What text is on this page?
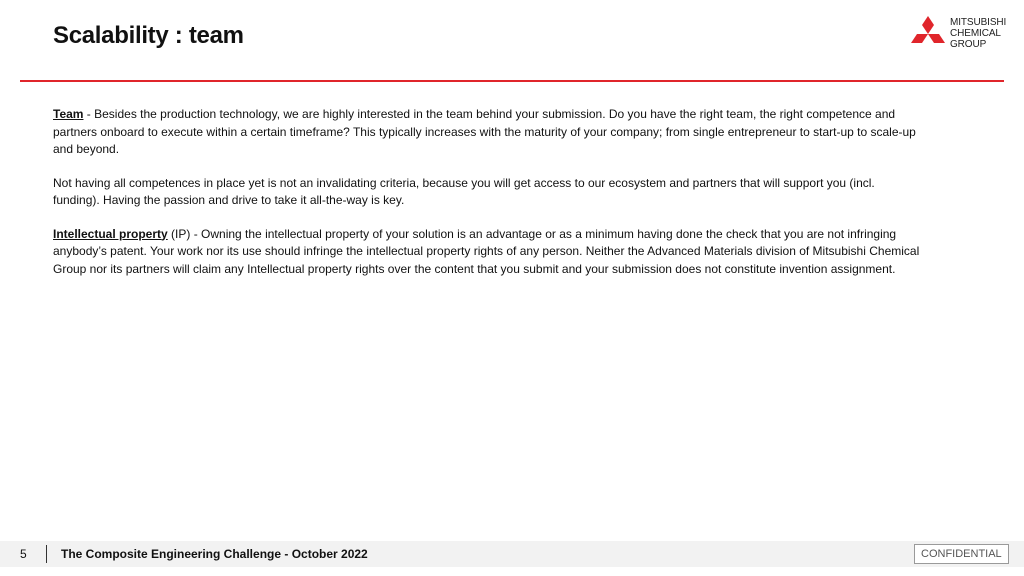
Scalability : team	MITSUBISHI
CHEMICAL
GROUP

Team - Besides the production technology, we are highly interested in the team behind your submission. Do you have the right team, the right competence and partners onboard to execute within a certain timeframe? This typically increases with the maturity of your company; from single entrepreneur to start-up to scale-up and beyond.

Not having all competences in place yet is not an invalidating criteria, because you will get access to our ecosystem and partners that will support you (incl. funding). Having the passion and drive to take it all-the-way is key.

Intellectual property (IP) - Owning the intellectual property of your solution is an advantage or as a minimum having done the check that you are not infringing anybody’s patent. Your work nor its use should infringe the intellectual property rights of any person. Neither the Advanced Materials division of Mitsubishi Chemical Group nor its partners will claim any Intellectual property rights over the content that you submit and your submission does not constitute invention assignment.

5	The Composite Engineering Challenge - October 2022	CONFIDENTIAL
